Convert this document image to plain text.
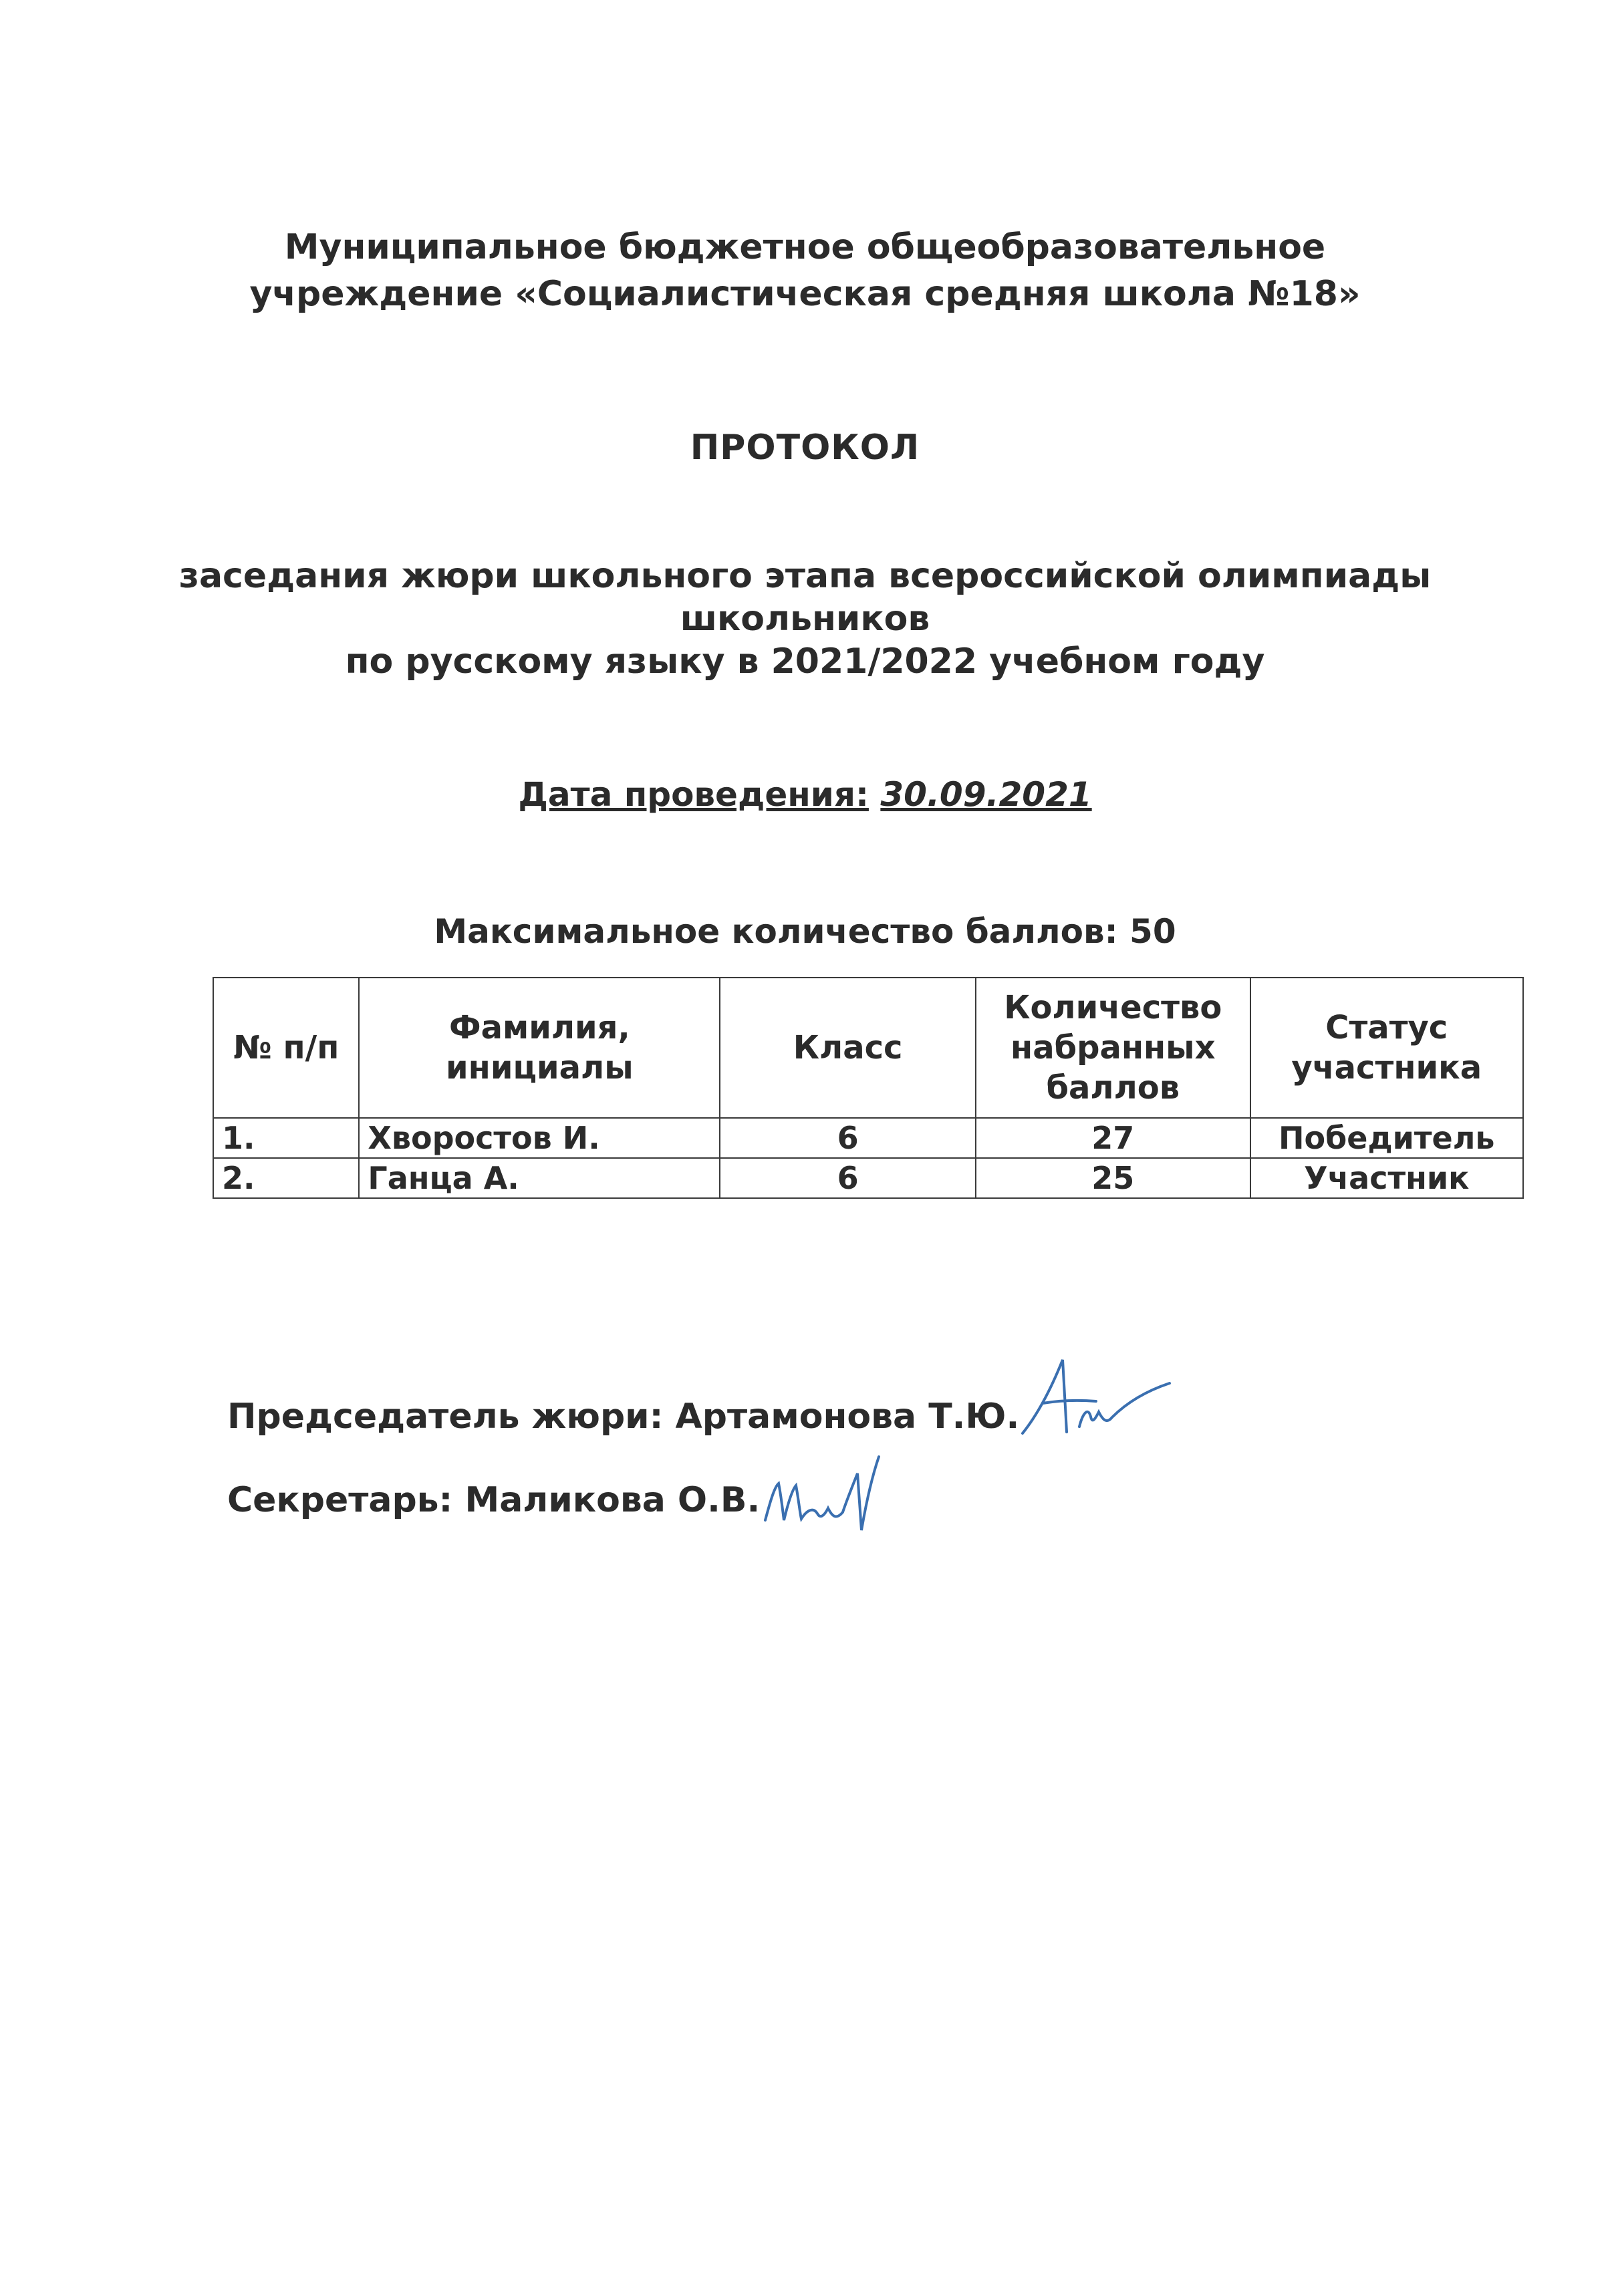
Муниципальное бюджетное общеобразовательное
учреждение «Социалистическая средняя школа №18»
ПРОТОКОЛ
заседания жюри школьного этапа всероссийской олимпиады
школьников
по русскому языку в 2021/2022 учебном году
Дата проведения: 30.09.2021
Максимальное количество баллов: 50
№ п/п	Фамилия, инициалы	Класс	Количество набранных баллов	Статус участника
1.	Хворостов И.	6	27	Победитель
2.	Ганца А.	6	25	Участник
Председатель жюри: Артамонова Т.Ю.
Секретарь: Маликова О.В.
